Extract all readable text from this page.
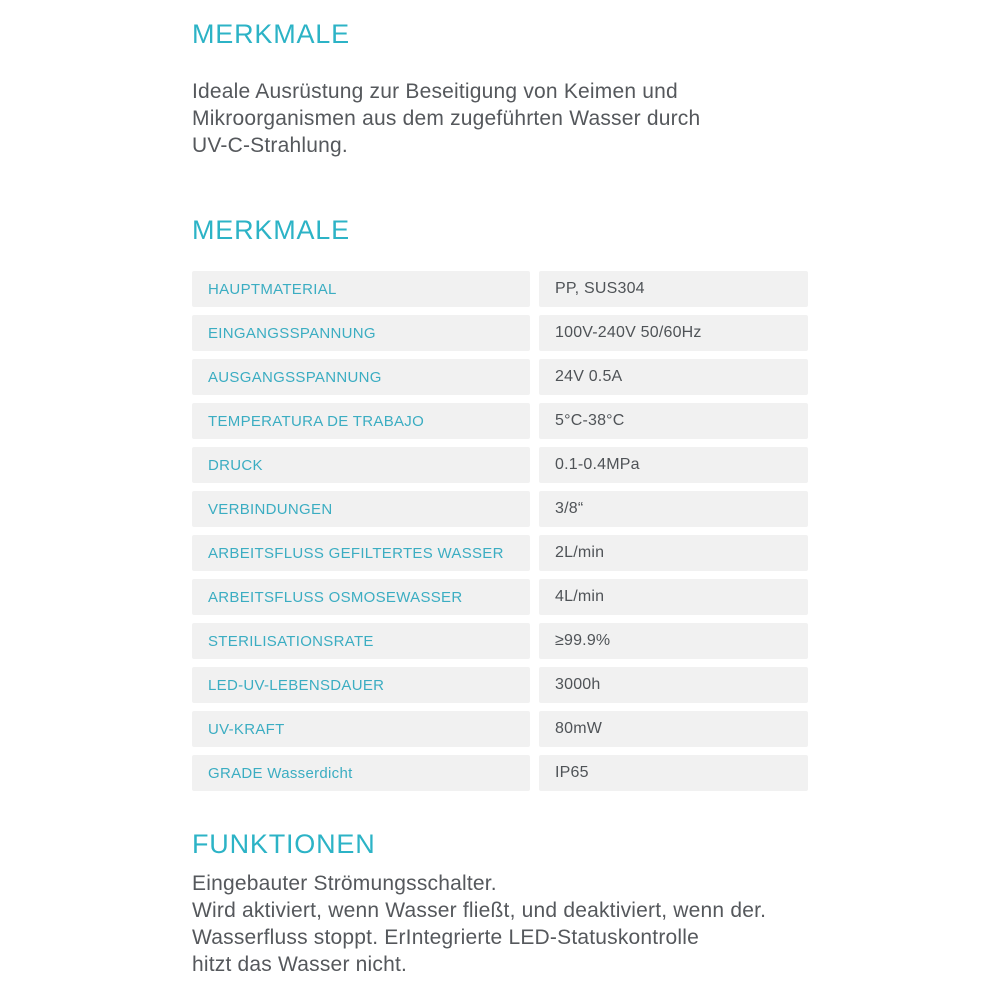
MERKMALE
Ideale Ausrüstung zur Beseitigung von Keimen und
Mikroorganismen aus dem zugeführten Wasser durch
UV-C-Strahlung.
MERKMALE
HAUPTMATERIAL	PP, SUS304
EINGANGSSPANNUNG	100V-240V 50/60Hz
AUSGANGSSPANNUNG	24V 0.5A
TEMPERATURA DE TRABAJO	5°C-38°C
DRUCK	0.1-0.4MPa
VERBINDUNGEN	3/8“
ARBEITSFLUSS GEFILTERTES WASSER	2L/min
ARBEITSFLUSS OSMOSEWASSER	4L/min
STERILISATIONSRATE	≥99.9%
LED-UV-LEBENSDAUER	3000h
UV-KRAFT	80mW
GRADE Wasserdicht	IP65
FUNKTIONEN
Eingebauter Strömungsschalter.
Wird aktiviert, wenn Wasser fließt, und deaktiviert, wenn der.
Wasserfluss stoppt. ErIntegrierte LED-Statuskontrolle
hitzt das Wasser nicht.
